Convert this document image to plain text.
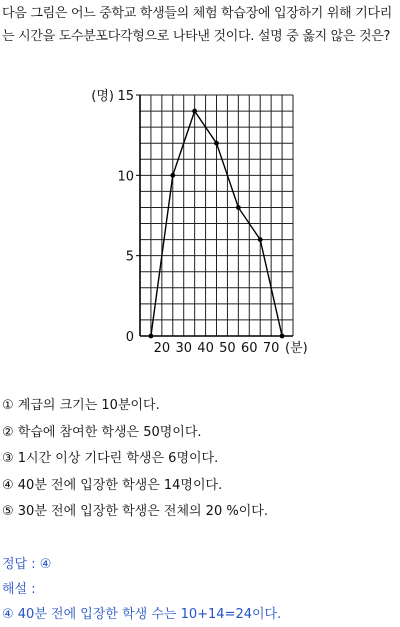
다음 그림은 어느 중학교 학생들의 체험 학습장에 입장하기 위해 기다리는 시간을 도수분포다각형으로 나타낸 것이다. 설명 중 옳지 않은 것은?
0
5
10
15
(명)
20 30 40 50 60 70 (분)
① 계급의 크기는 10분이다.
② 학습에 참여한 학생은 50명이다.
③ 1시간 이상 기다린 학생은 6명이다.
④ 40분 전에 입장한 학생은 14명이다.
⑤ 30분 전에 입장한 학생은 전체의 20 %이다.
정답 : ④
해설 :
④ 40분 전에 입장한 학생 수는 10+14=24이다.
